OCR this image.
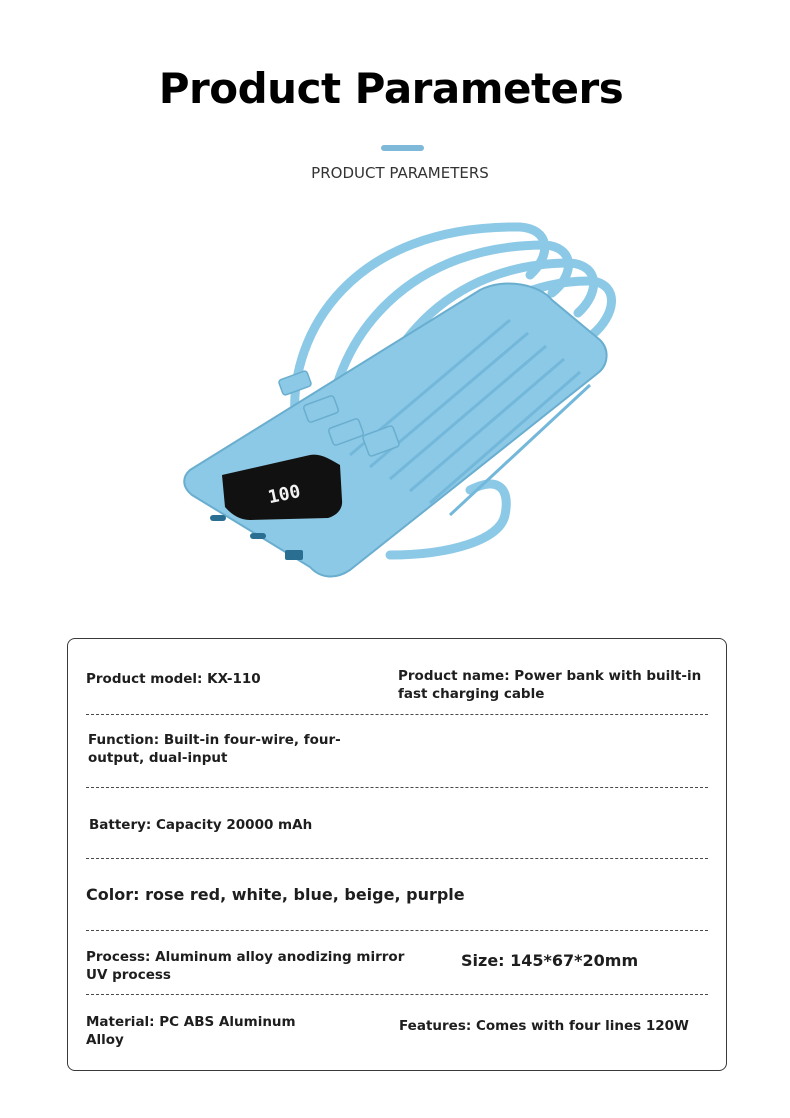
Product Parameters
PRODUCT PARAMETERS
100
Product model: KX-110	Product name: Power bank with built-in fast charging cable
Function: Built-in four-wire, four-output, dual-input
Battery: Capacity 20000 mAh
Color: rose red, white, blue, beige, purple
Process: Aluminum alloy anodizing mirror UV process
Size: 145*67*20mm
Material: PC ABS Aluminum Alloy
Features: Comes with four lines 120W
